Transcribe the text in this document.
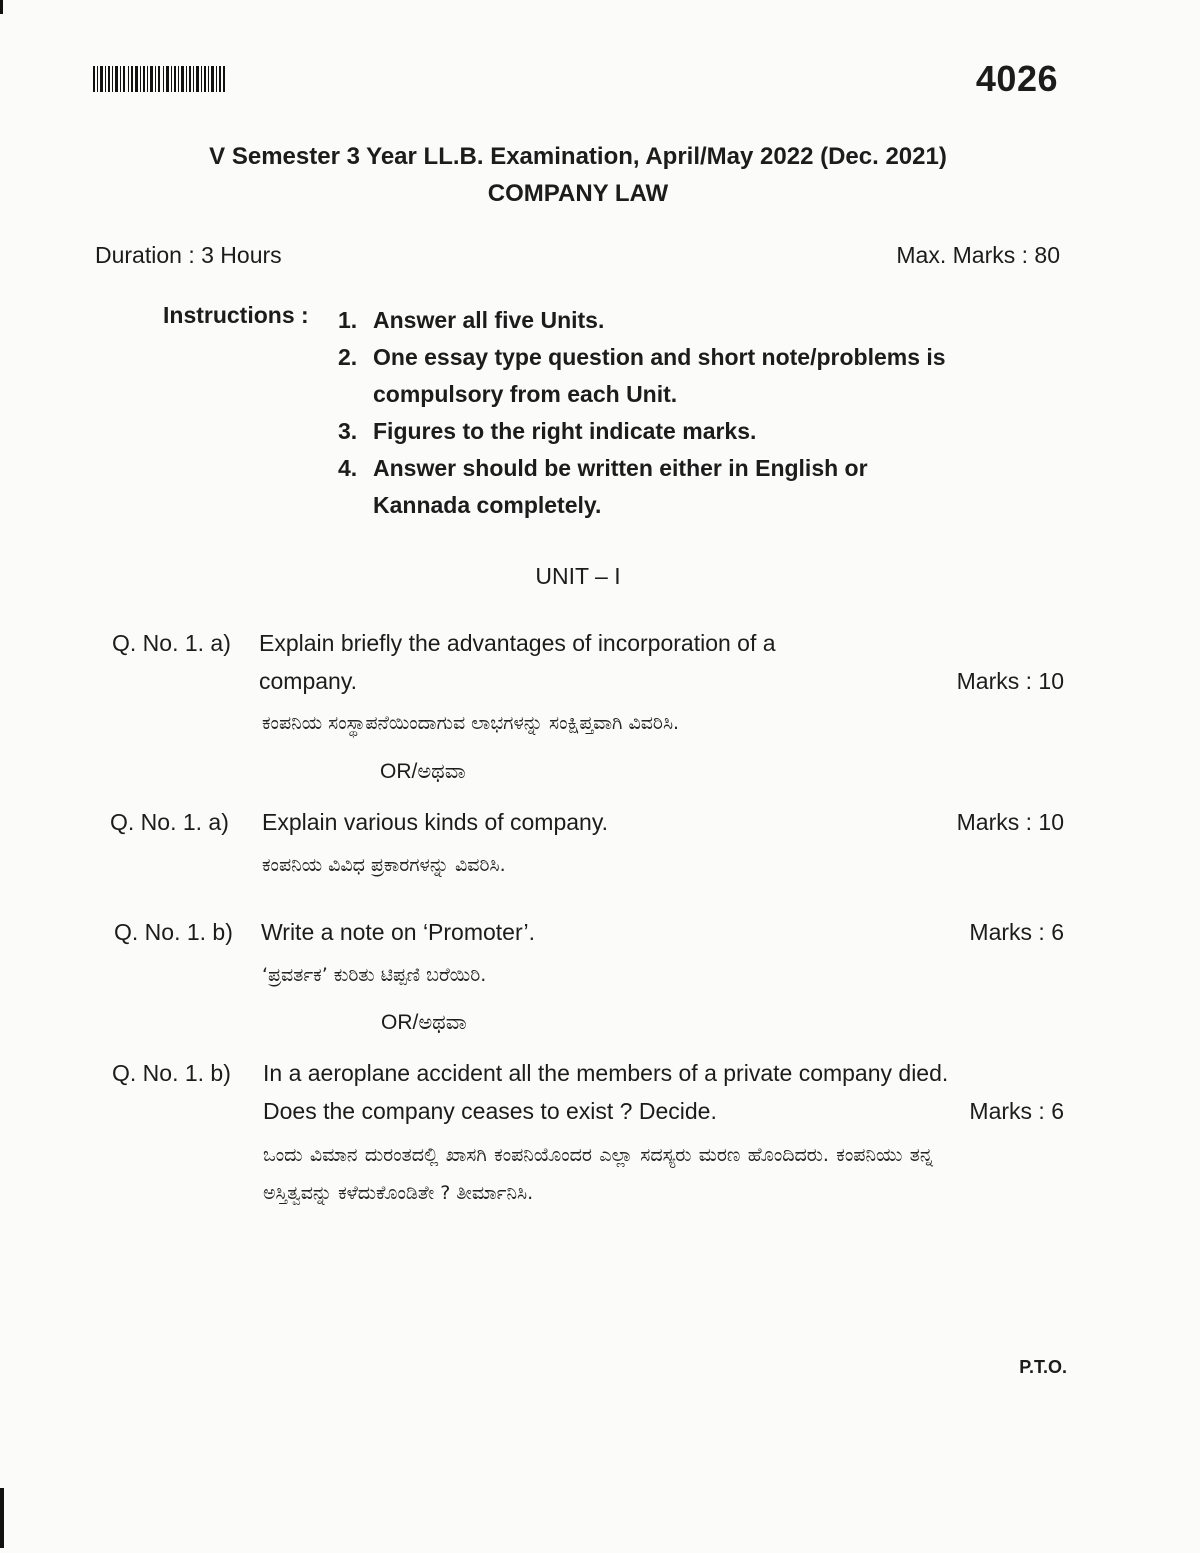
4026
V Semester 3 Year LL.B. Examination, April/May 2022 (Dec. 2021)
COMPANY LAW
Duration : 3 Hours	Max. Marks : 80
Instructions : 1. Answer all five Units.
2. One essay type question and short note/problems is compulsory from each Unit.
3. Figures to the right indicate marks.
4. Answer should be written either in English or Kannada completely.
UNIT – I
Q. No. 1. a) Explain briefly the advantages of incorporation of a company.	Marks : 10
ಕಂಪನಿಯ ಸಂಸ್ಥಾಪನೆಯಿಂದಾಗುವ ಲಾಭಗಳನ್ನು ಸಂಕ್ಷಿಪ್ತವಾಗಿ ವಿವರಿಸಿ.
OR/ಅಥವಾ
Q. No. 1. a) Explain various kinds of company.	Marks : 10
ಕಂಪನಿಯ ವಿವಿಧ ಪ್ರಕಾರಗಳನ್ನು ವಿವರಿಸಿ.
Q. No. 1. b) Write a note on ‘Promoter’.	Marks : 6
‘ಪ್ರವರ್ತಕ’ ಕುರಿತು ಟಿಪ್ಪಣಿ ಬರೆಯಿರಿ.
OR/ಅಥವಾ
Q. No. 1. b) In a aeroplane accident all the members of a private company died. Does the company ceases to exist ? Decide.	Marks : 6
ಒಂದು ವಿಮಾನ ದುರಂತದಲ್ಲಿ ಖಾಸಗಿ ಕಂಪನಿಯೊಂದರ ಎಲ್ಲಾ ಸದಸ್ಯರು ಮರಣ ಹೊಂದಿದರು. ಕಂಪನಿಯು ತನ್ನ ಅಸ್ತಿತ್ವವನ್ನು ಕಳೆದುಕೊಂಡಿತೇ ? ತೀರ್ಮಾನಿಸಿ.
P.T.O.
